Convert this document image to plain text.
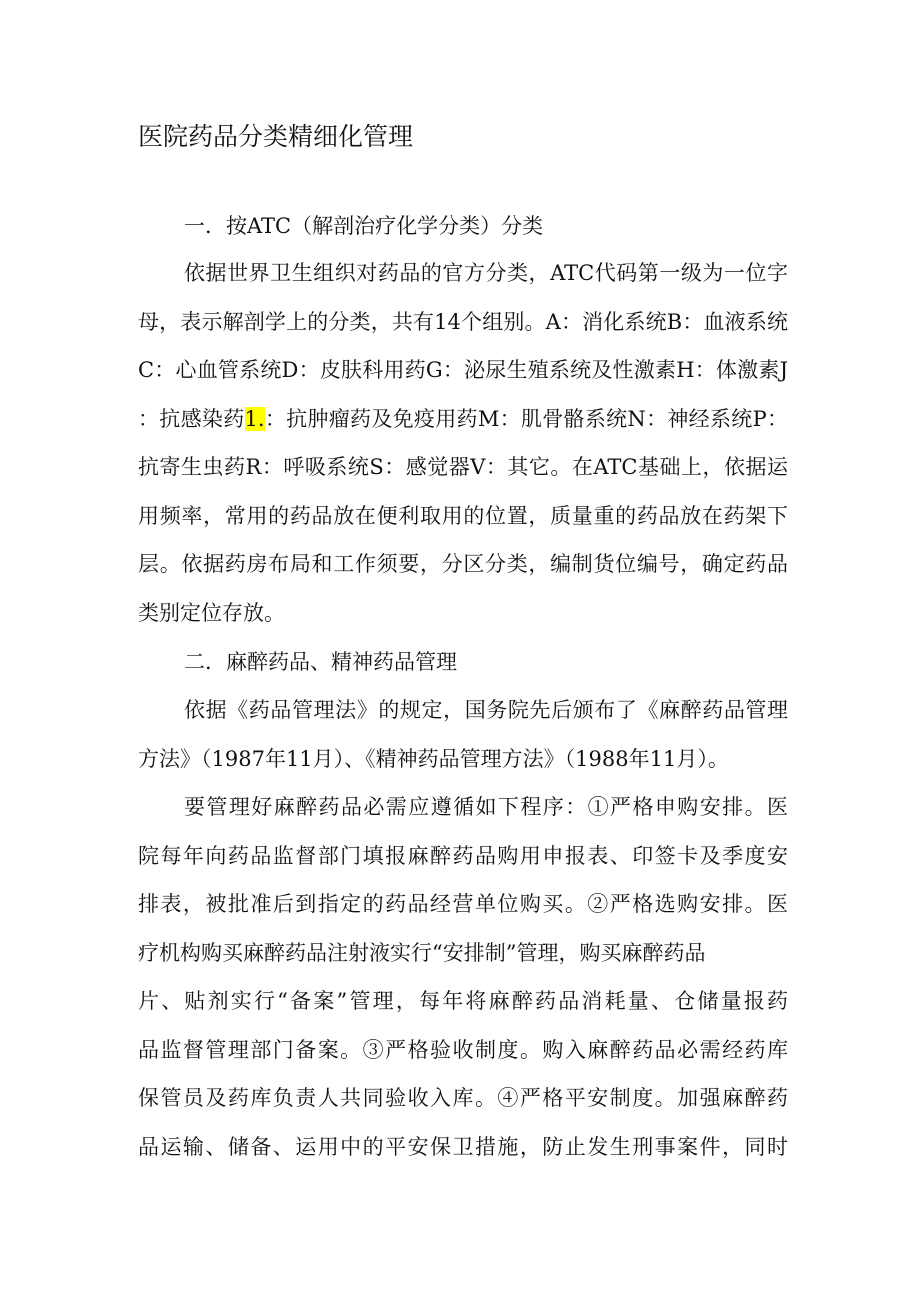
医院药品分类精细化管理
一．按ATC（解剖治疗化学分类）分类
依据世界卫生组织对药品的官方分类，ATC代码第一级为一位字
母，表示解剖学上的分类，共有14个组别。A：消化系统B：血液系统
C：心血管系统D：皮肤科用药G：泌尿生殖系统及性激素H：体激素J
：抗感染药1.：抗肿瘤药及免疫用药M：肌骨骼系统N：神经系统P：
抗寄生虫药R：呼吸系统S：感觉器V：其它。在ATC基础上，依据运
用频率，常用的药品放在便利取用的位置，质量重的药品放在药架下
层。依据药房布局和工作须要，分区分类，编制货位编号，确定药品
类别定位存放。
二．麻醉药品、精神药品管理
依据《药品管理法》的规定，国务院先后颁布了《麻醉药品管理
方法》（1987年11月）、《精神药品管理方法》（1988年11月）。
要管理好麻醉药品必需应遵循如下程序：①严格申购安排。医
院每年向药品监督部门填报麻醉药品购用申报表、印签卡及季度安
排表，被批准后到指定的药品经营单位购买。②严格选购安排。医
疗机构购买麻醉药品注射液实行“安排制”管理，购买麻醉药品
片、贴剂实行“备案”管理，每年将麻醉药品消耗量、仓储量报药
品监督管理部门备案。③严格验收制度。购入麻醉药品必需经药库
保管员及药库负责人共同验收入库。④严格平安制度。加强麻醉药
品运输、储备、运用中的平安保卫措施，防止发生刑事案件，同时
